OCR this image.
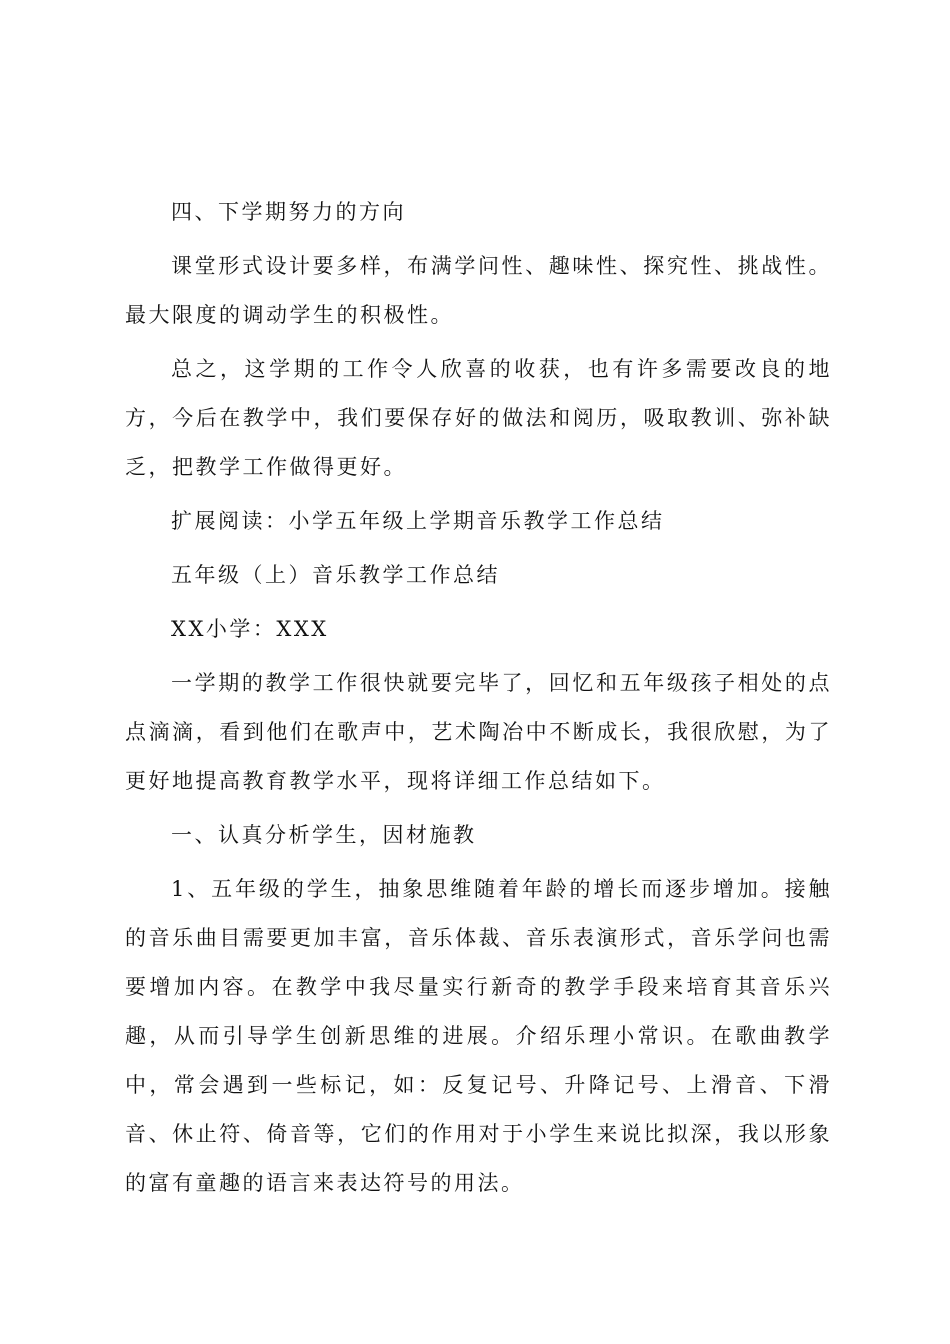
四、下学期努力的方向

课堂形式设计要多样，布满学问性、趣味性、探究性、挑战性。最大限度的调动学生的积极性。

总之，这学期的工作令人欣喜的收获，也有许多需要改良的地方，今后在教学中，我们要保存好的做法和阅历，吸取教训、弥补缺乏，把教学工作做得更好。

扩展阅读：小学五年级上学期音乐教学工作总结

五年级（上）音乐教学工作总结

XX小学：XXX

一学期的教学工作很快就要完毕了，回忆和五年级孩子相处的点点滴滴，看到他们在歌声中，艺术陶冶中不断成长，我很欣慰，为了更好地提高教育教学水平，现将详细工作总结如下。

一、认真分析学生，因材施教

1、五年级的学生，抽象思维随着年龄的增长而逐步增加。接触的音乐曲目需要更加丰富，音乐体裁、音乐表演形式，音乐学问也需要增加内容。在教学中我尽量实行新奇的教学手段来培育其音乐兴趣，从而引导学生创新思维的进展。介绍乐理小常识。在歌曲教学中，常会遇到一些标记，如：反复记号、升降记号、上滑音、下滑音、休止符、倚音等，它们的作用对于小学生来说比拟深，我以形象的富有童趣的语言来表达符号的用法。
